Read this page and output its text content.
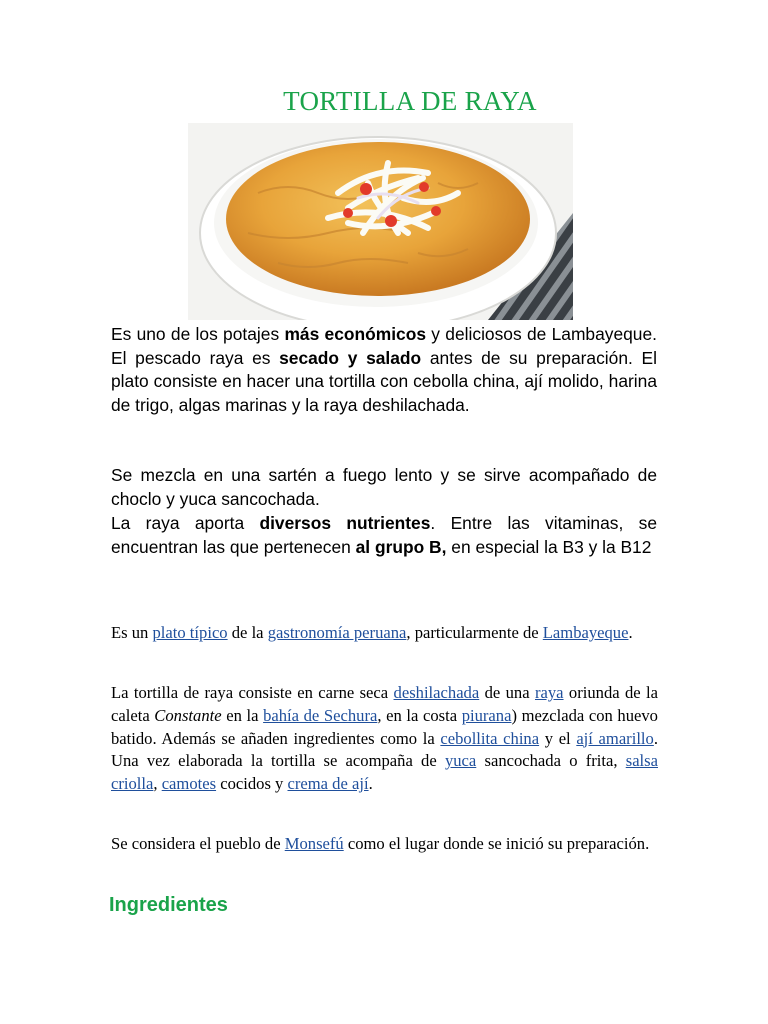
TORTILLA DE RAYA

Es uno de los potajes más económicos y deliciosos de Lambayeque. El pescado raya es secado y salado antes de su preparación. El plato consiste en hacer una tortilla con cebolla china, ají molido, harina de trigo, algas marinas y la raya deshilachada.

Se mezcla en una sartén a fuego lento y se sirve acompañado de choclo y yuca sancochada.

La raya aporta diversos nutrientes. Entre las vitaminas, se encuentran las que pertenecen al grupo B, en especial la B3 y la B12

Es un plato típico de la gastronomía peruana, particularmente de Lambayeque.

La tortilla de raya consiste en carne seca deshilachada de una raya oriunda de la caleta Constante en la bahía de Sechura, en la costa piurana) mezclada con huevo batido. Además se añaden ingredientes como la cebollita china y el ají amarillo. Una vez elaborada la tortilla se acompaña de yuca sancochada o frita, salsa criolla, camotes cocidos y crema de ají.

Se considera el pueblo de Monsefú como el lugar donde se inició su preparación.

Ingredientes
